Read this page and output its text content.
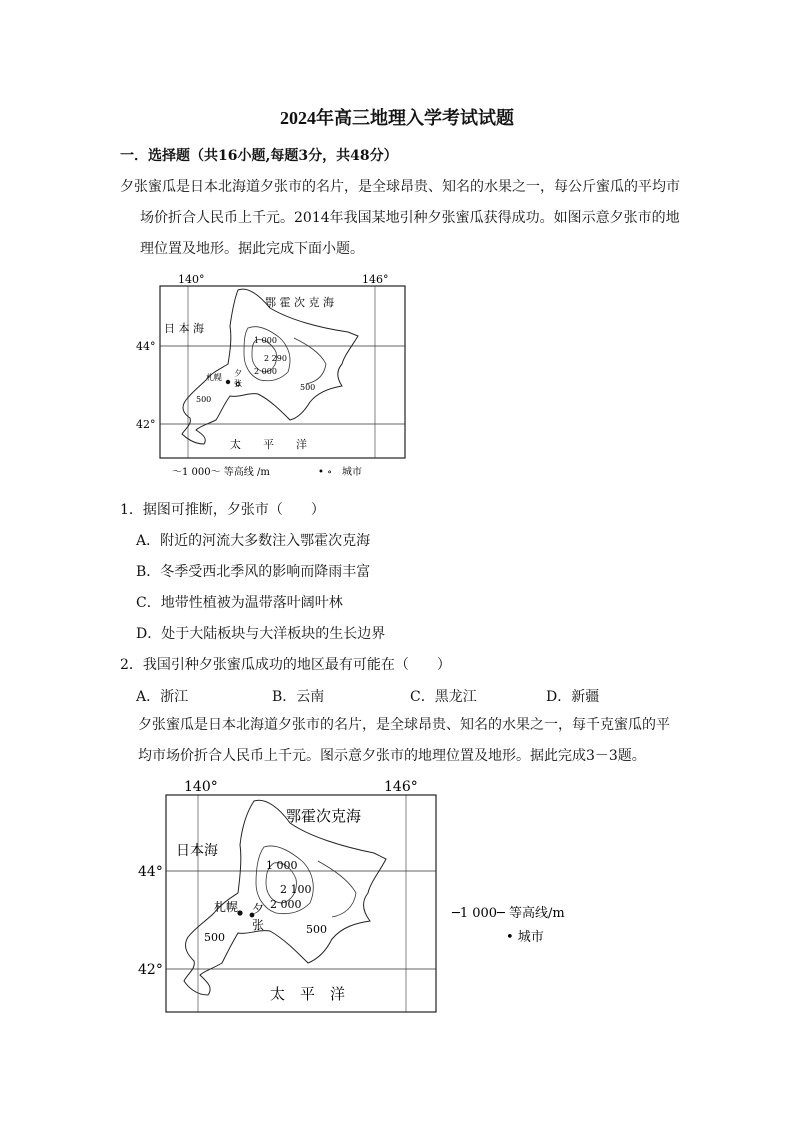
2024年高三地理入学考试试题
一．选择题（共16小题,每题3分，共48分）
夕张蜜瓜是日本北海道夕张市的名片，是全球昂贵、知名的水果之一，每公斤蜜瓜的平均市
场价折合人民币上千元。2014年我国某地引种夕张蜜瓜获得成功。如图示意夕张市的地
理位置及地形。据此完成下面小题。
140°	146°
44°
42°
1 000
2 290
2 000
500
500
札幌 夕
张
鄂 霍 次 克 海
日 本 海
太　　平　　洋
～1 000～ 等高线 /m	• ∘　城市
1．据图可推断，夕张市（　　）
A．附近的河流大多数注入鄂霍次克海
B．冬季受西北季风的影响而降雨丰富
C．地带性植被为温带落叶阔叶林
D．处于大陆板块与大洋板块的生长边界
2．我国引种夕张蜜瓜成功的地区最有可能在（　　）
A．浙江	B．云南	C．黑龙江	D．新疆
夕张蜜瓜是日本北海道夕张市的名片，是全球昂贵、知名的水果之一，每千克蜜瓜的平
均市场价折合人民币上千元。图示意夕张市的地理位置及地形。据此完成3－3题。
140°	146°
44°
42°
1 000
2 100
2 000
500
500
札幌 夕
张
鄂霍次克海
日本海
太　平　洋
─1 000─ 等高线/m
• 城市
